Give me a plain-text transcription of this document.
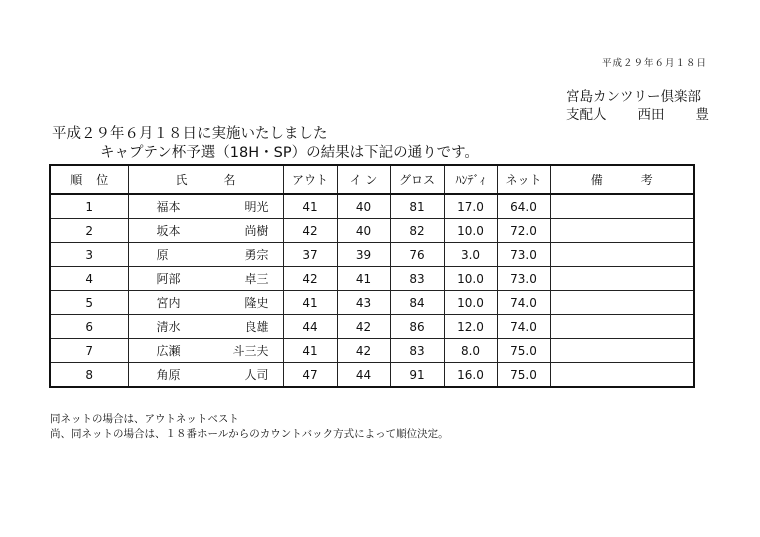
平成２９年６月１８日
宮島カンツリー倶楽部
支配人 西田 豊
平成２９年６月１８日に実施いたしました
キャプテン杯予選（18H・SP）の結果は下記の通りです。
順 位	氏 名	アウト	イ ン	グロス	ﾊﾝﾃﾞｨ	ネット	備 考

1	福本 明光	41	40	81	17.0	64.0	
2	坂本 尚樹	42	40	82	10.0	72.0	
3	原 勇宗	37	39	76	3.0	73.0	
4	阿部 卓三	42	41	83	10.0	73.0	
5	宮内 隆史	41	43	84	10.0	74.0	
6	清水 良雄	44	42	86	12.0	74.0	
7	広瀬 斗三夫	41	42	83	8.0	75.0	
8	角原 人司	47	44	91	16.0	75.0	
同ネットの場合は、アウトネットベスト
尚、同ネットの場合は、１８番ホールからのカウントバック方式によって順位決定。
